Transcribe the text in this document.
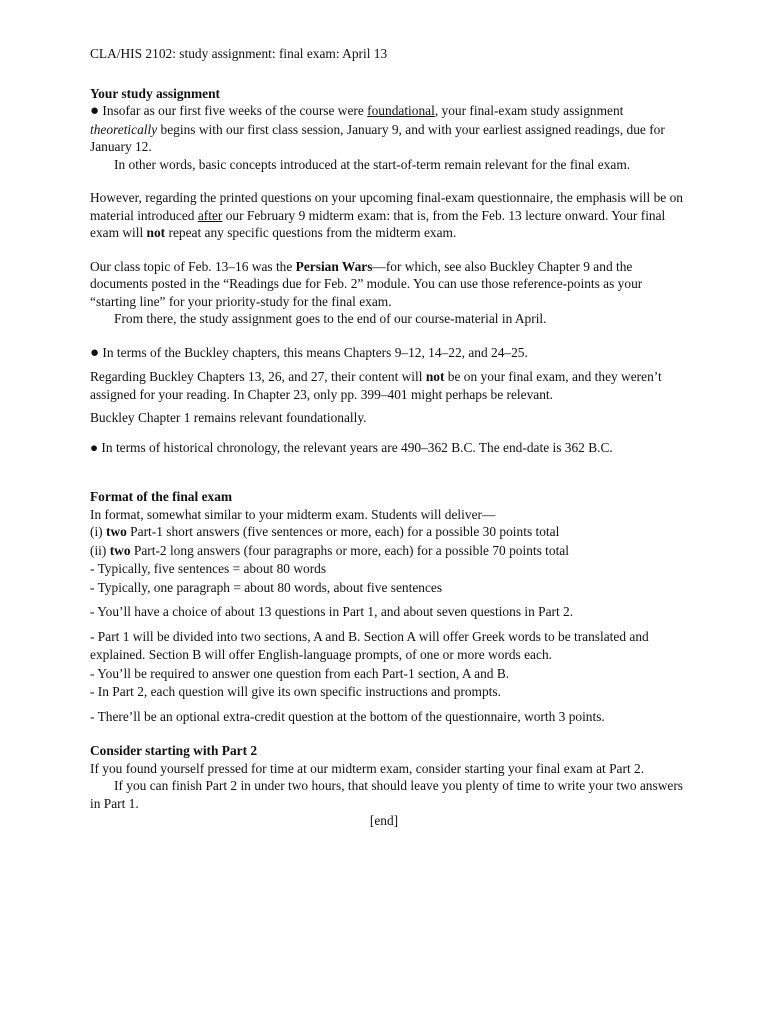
CLA/HIS 2102: study assignment: final exam: April 13

Your study assignment

● Insofar as our first five weeks of the course were foundational, your final-exam study assignment theoretically begins with our first class session, January 9, and with your earliest assigned readings, due for January 12.

In other words, basic concepts introduced at the start-of-term remain relevant for the final exam.

However, regarding the printed questions on your upcoming final-exam questionnaire, the emphasis will be on material introduced after our February 9 midterm exam: that is, from the Feb. 13 lecture onward. Your final exam will not repeat any specific questions from the midterm exam.

Our class topic of Feb. 13–16 was the Persian Wars—for which, see also Buckley Chapter 9 and the documents posted in the “Readings due for Feb. 2” module. You can use those reference-points as your “starting line” for your priority-study for the final exam.

From there, the study assignment goes to the end of our course-material in April.

● In terms of the Buckley chapters, this means Chapters 9–12, 14–22, and 24–25.

Regarding Buckley Chapters 13, 26, and 27, their content will not be on your final exam, and they weren’t assigned for your reading. In Chapter 23, only pp. 399–401 might perhaps be relevant.

Buckley Chapter 1 remains relevant foundationally.

● In terms of historical chronology, the relevant years are 490–362 B.C. The end-date is 362 B.C.

Format of the final exam

In format, somewhat similar to your midterm exam. Students will deliver—

(i) two Part-1 short answers (five sentences or more, each) for a possible 30 points total

(ii) two Part-2 long answers (four paragraphs or more, each) for a possible 70 points total

- Typically, five sentences = about 80 words

- Typically, one paragraph = about 80 words, about five sentences

- You’ll have a choice of about 13 questions in Part 1, and about seven questions in Part 2.

- Part 1 will be divided into two sections, A and B. Section A will offer Greek words to be translated and explained. Section B will offer English-language prompts, of one or more words each.

- You’ll be required to answer one question from each Part-1 section, A and B.

- In Part 2, each question will give its own specific instructions and prompts.

- There’ll be an optional extra-credit question at the bottom of the questionnaire, worth 3 points.

Consider starting with Part 2

If you found yourself pressed for time at our midterm exam, consider starting your final exam at Part 2.

If you can finish Part 2 in under two hours, that should leave you plenty of time to write your two answers in Part 1.

[end]
